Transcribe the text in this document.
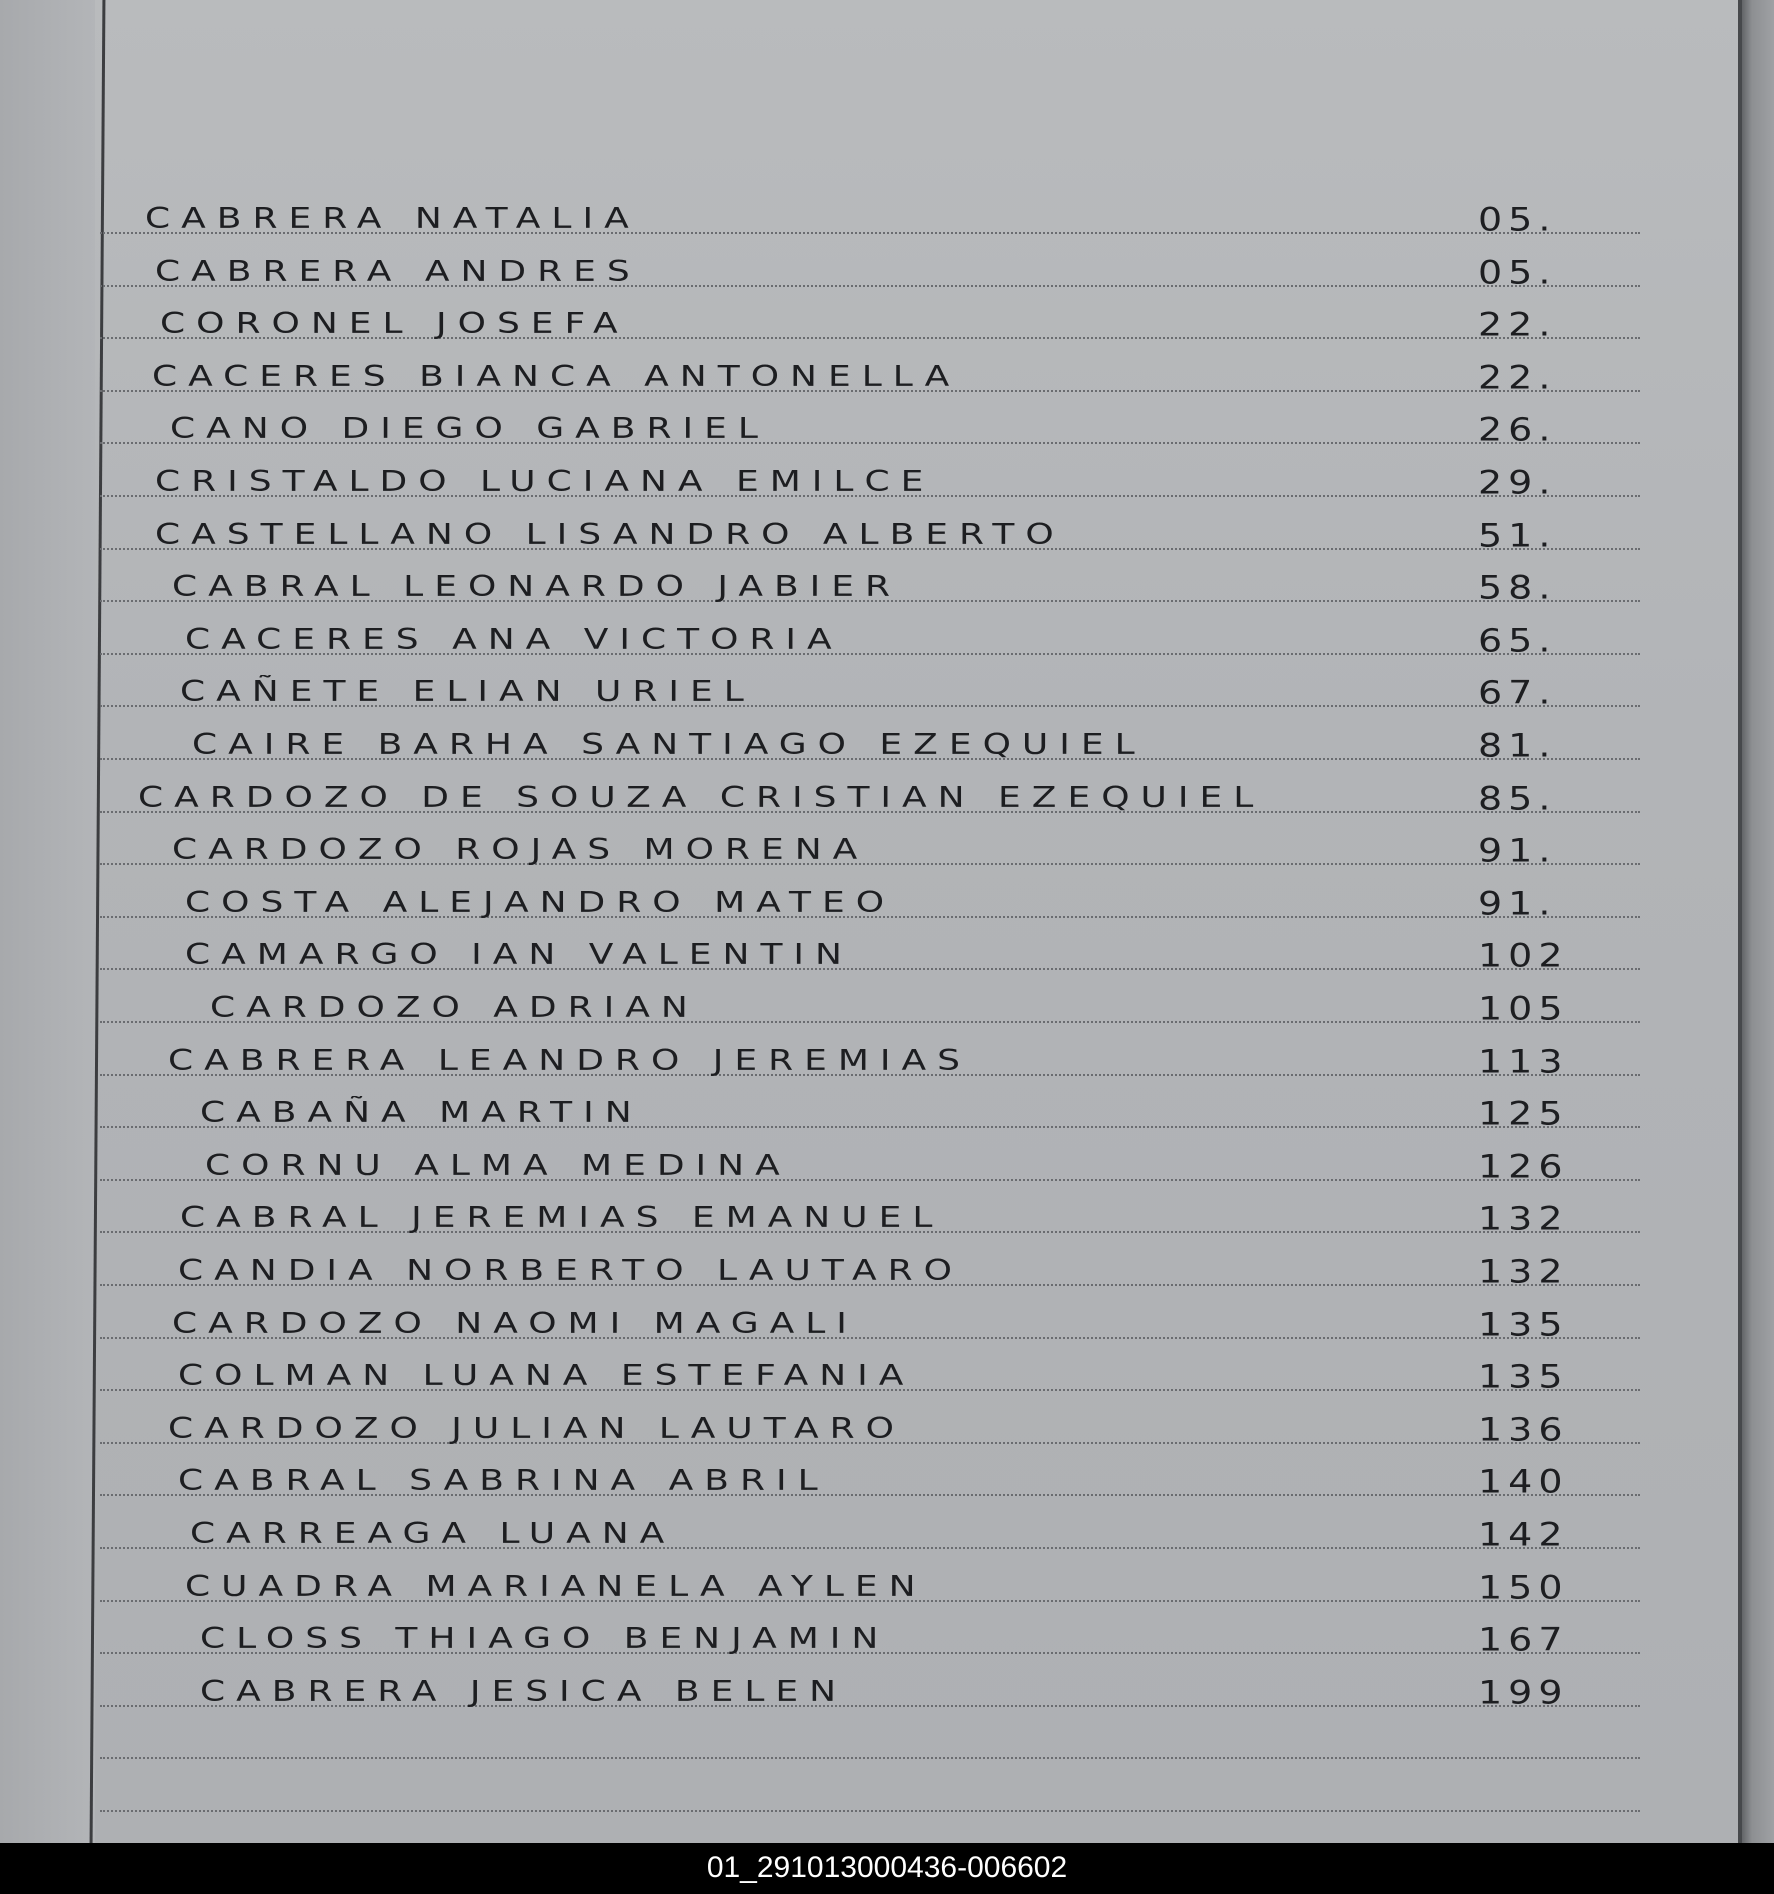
CABRERA NATALIA	05.
CABRERA ANDRES	05.
CORONEL JOSEFA	22.
CACERES BIANCA ANTONELLA	22.
CANO DIEGO GABRIEL	26.
CRISTALDO LUCIANA EMILCE	29.
CASTELLANO LISANDRO ALBERTO	51.
CABRAL LEONARDO JABIER	58.
CACERES ANA VICTORIA	65.
CAÑETE ELIAN URIEL	67.
CAIRE BARHA SANTIAGO EZEQUIEL	81.
CARDOZO DE SOUZA CRISTIAN EZEQUIEL	85.
CARDOZO ROJAS MORENA	91.
COSTA ALEJANDRO MATEO	91.
CAMARGO IAN VALENTIN	102
CARDOZO ADRIAN	105
CABRERA LEANDRO JEREMIAS	113
CABAÑA MARTIN	125
CORNU ALMA MEDINA	126
CABRAL JEREMIAS EMANUEL	132
CANDIA NORBERTO LAUTARO	132
CARDOZO NAOMI MAGALI	135
COLMAN LUANA ESTEFANIA	135
CARDOZO JULIAN LAUTARO	136
CABRAL SABRINA ABRIL	140
CARREAGA LUANA	142
CUADRA MARIANELA AYLEN	150
CLOSS THIAGO BENJAMIN	167
CABRERA JESICA BELEN	199
01_291013000436-006602
